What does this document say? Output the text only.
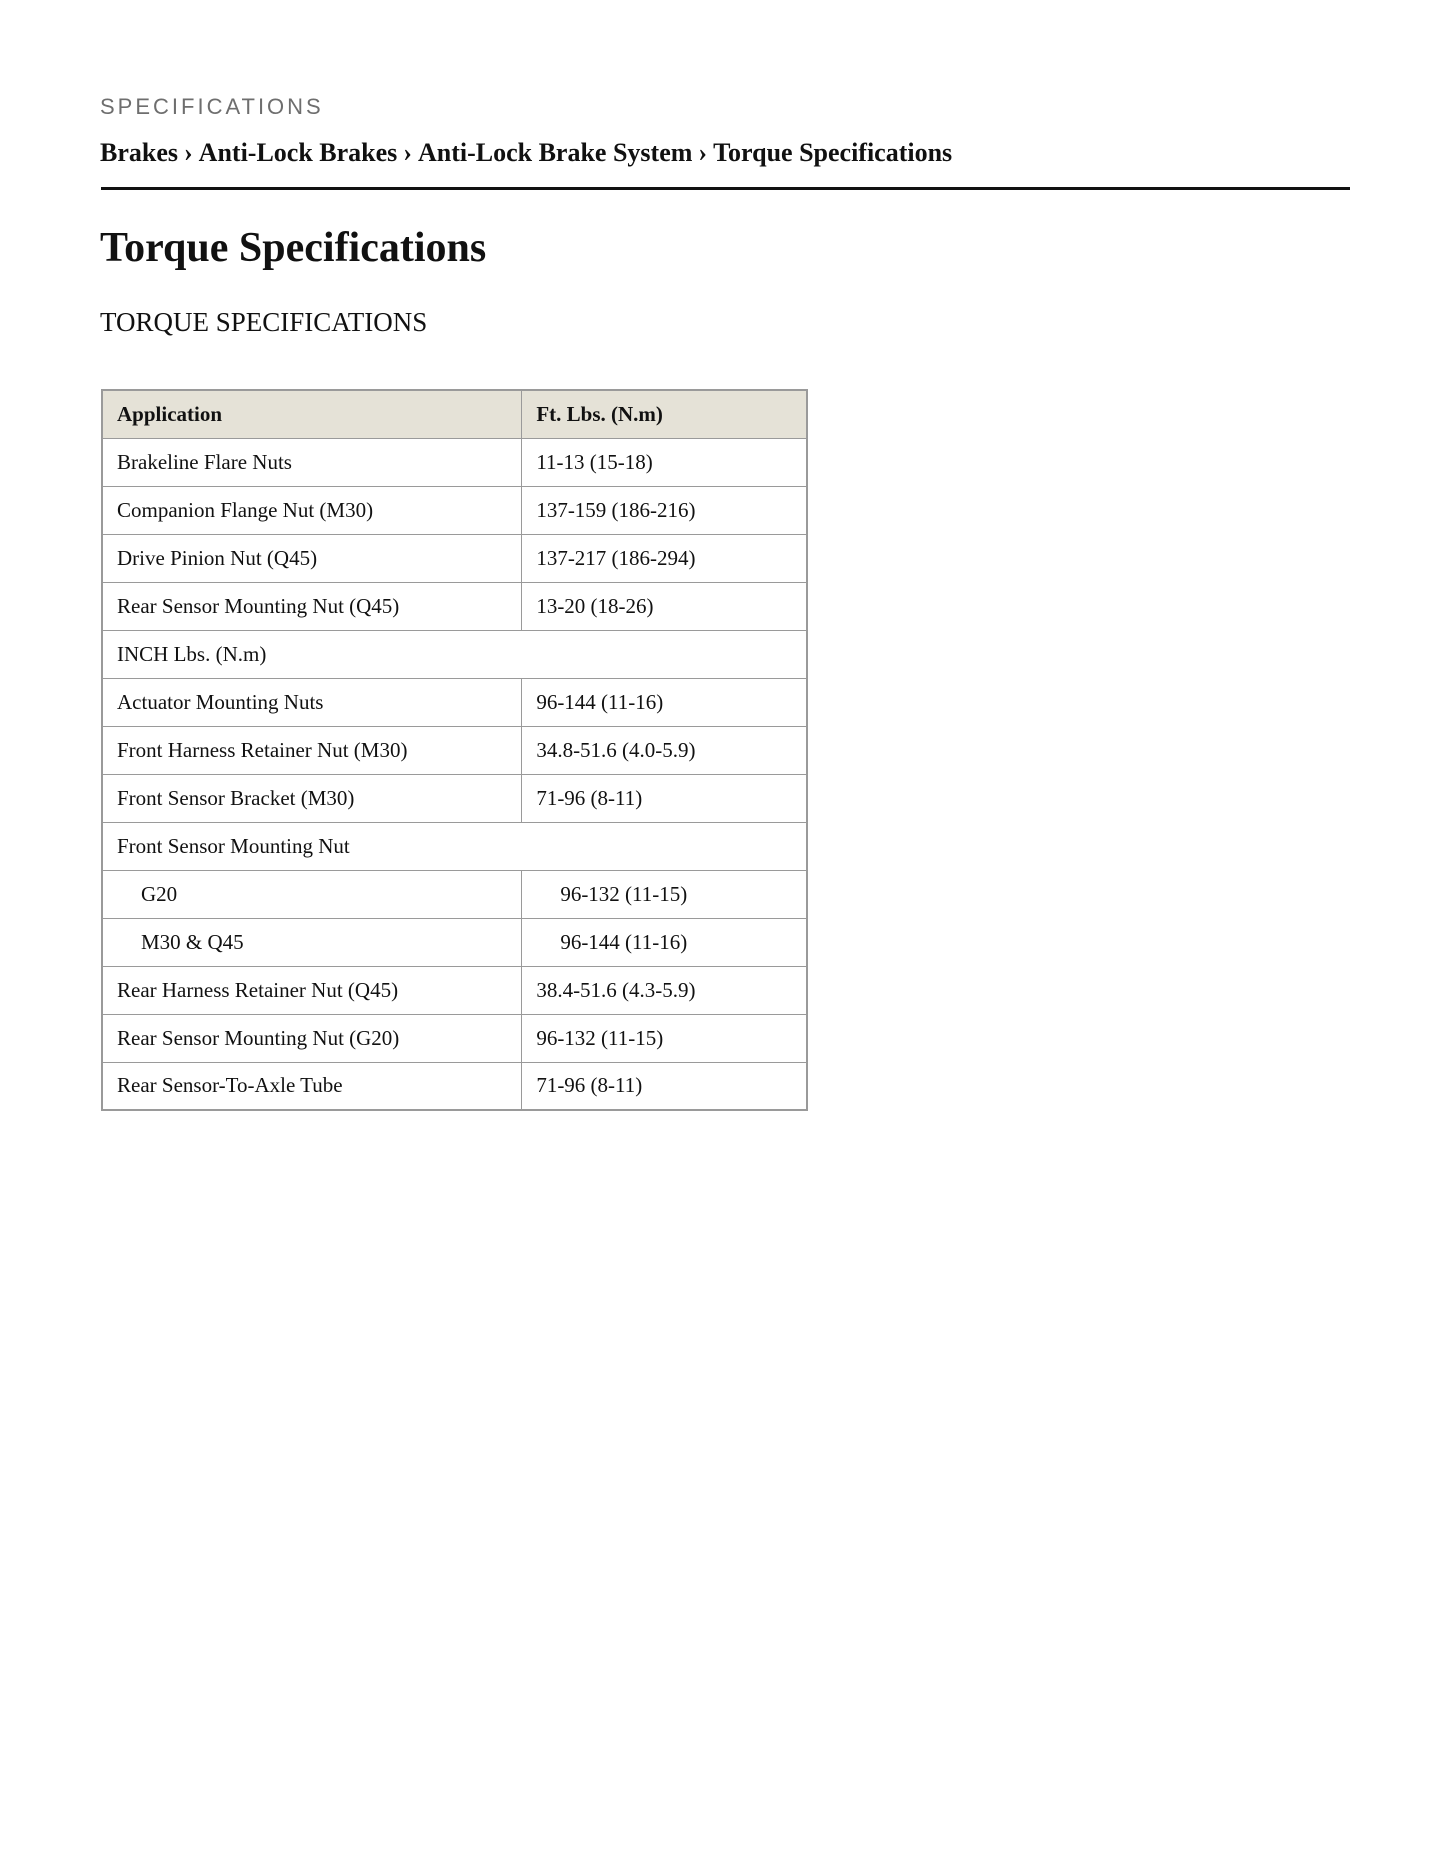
SPECIFICATIONS
Brakes › Anti-Lock Brakes › Anti-Lock Brake System › Torque Specifications
Torque Specifications
TORQUE SPECIFICATIONS
Application	Ft. Lbs. (N.m)
Brakeline Flare Nuts	11-13 (15-18)
Companion Flange Nut (M30)	137-159 (186-216)
Drive Pinion Nut (Q45)	137-217 (186-294)
Rear Sensor Mounting Nut (Q45)	13-20 (18-26)
INCH Lbs. (N.m)	
Actuator Mounting Nuts	96-144 (11-16)
Front Harness Retainer Nut (M30)	34.8-51.6 (4.0-5.9)
Front Sensor Bracket (M30)	71-96 (8-11)
Front Sensor Mounting Nut	
G20	96-132 (11-15)
M30 & Q45	96-144 (11-16)
Rear Harness Retainer Nut (Q45)	38.4-51.6 (4.3-5.9)
Rear Sensor Mounting Nut (G20)	96-132 (11-15)
Rear Sensor-To-Axle Tube	71-96 (8-11)
